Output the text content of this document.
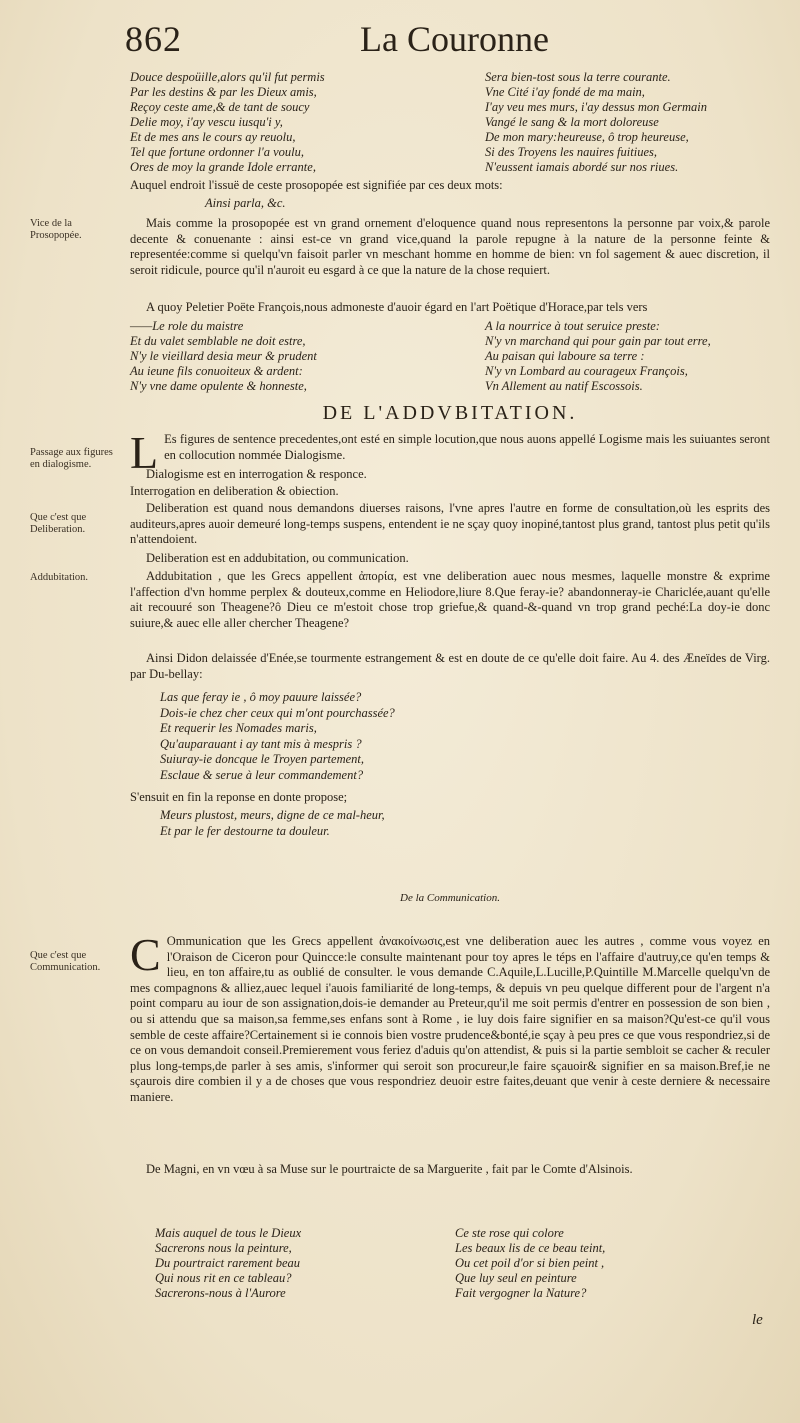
862	La Couronne
Douce despoüille,alors qu'il fut permis
Par les destins & par les Dieux amis,
Reçoy ceste ame,& de tant de soucy
Delie moy, i'ay vescu iusqu'i y,
Et de mes ans le cours ay reuolu,
Tel que fortune ordonner l'a voulu,
Ores de moy la grande Idole errante,
Sera bien-tost sous la terre courante.
Vne Cité i'ay fondé de ma main,
I'ay veu mes murs, i'ay dessus mon Germain
Vangé le sang & la mort doloreuse
De mon mary:heureuse, ô trop heureuse,
Si des Troyens les nauires fuitiues,
N'eussent iamais abordé sur nos riues.

Auquel endroit l'issuë de ceste prosopopée est signifiée par ces deux mots:

Ainsi parla, &c.
Vice de la Prosopopée.
Passage aux figures en dialogisme.
Que c'est que Deliberation.
Addubitation.
Que c'est que Communication.

Mais comme la prosopopée est vn grand ornement d'eloquence quand nous representons la personne par voix,& parole decente & conuenante : ainsi est-ce vn grand vice,quand la parole repugne à la nature de la personne feinte & representée:comme si quelqu'vn faisoit parler vn meschant homme en homme de bien: vn fol sagement & auec discretion, il seroit ridicule, pource qu'il n'auroit eu esgard à ce que la nature de la chose requiert.

A quoy Peletier Poëte François,nous admoneste d'auoir égard en l'art Poëtique d'Horace,par tels vers

——Le role du maistre
Et du valet semblable ne doit estre,
N'y le vieillard desia meur & prudent
Au ieune fils conuoiteux & ardent:
N'y vne dame opulente & honneste,
A la nourrice à tout seruice preste:
N'y vn marchand qui pour gain par tout erre,
Au paisan qui laboure sa terre :
N'y vn Lombard au courageux François,
Vn Allement au natif Escossois.
DE L'ADDVBITATION.
L Es figures de sentence precedentes,ont esté en simple locution,que nous auons appellé Logisme mais les suiuantes seront en collocution nommée Dialogisme.

Dialogisme est en interrogation & responce.

Interrogation en deliberation & obiection.

Deliberation est quand nous demandons diuerses raisons, l'vne apres l'autre en forme de consultation,où les esprits des auditeurs,apres auoir demeuré long-temps suspens, entendent ie ne sçay quoy inopiné,tantost plus grand, tantost plus petit qu'ils n'attendoient.

Deliberation est en addubitation, ou communication.

Addubitation , que les Grecs appellent ἀπορία, est vne deliberation auec nous mesmes, laquelle monstre & exprime l'affection d'vn homme perplex & douteux,comme en Heliodore,liure 8.Que feray-ie? abandonneray-ie Chariclée,auant qu'elle ait recouuré son Theagene?ô Dieu ce m'estoit chose trop griefue,& quand-&-quand vn trop grand peché:La doy-ie donc suiure,& auec elle aller chercher Theagene?

Ainsi Didon delaissée d'Enée,se tourmente estrangement & est en doute de ce qu'elle doit faire. Au 4. des Æneïdes de Virg. par Du-bellay:

Las que feray ie , ô moy pauure laissée?
Dois-ie chez cher ceux qui m'ont pourchassée?
Et requerir les Nomades maris,
Qu'auparauant i ay tant mis à mespris ?
Suiuray-ie doncque le Troyen partement,
Esclaue & serue à leur commandement?

S'ensuit en fin la reponse en donte propose;

Meurs plustost, meurs, digne de ce mal-heur,
Et par le fer destourne ta douleur.
De la Communication.
C Ommunication que les Grecs appellent ἀνακοίνωσις,est vne deliberation auec les autres , comme vous voyez en l'Oraison de Ciceron pour Quincce:le consulte maintenant pour toy apres le téps en l'affaire d'autruy,ce qu'en temps & lieu, en ton affaire,tu as oublié de consulter. le vous demande C.Aquile,L.Lucille,P.Quintille M.Marcelle quelqu'vn de mes compagnons & alliez,auec lequel i'auois familiarité de long-temps, & depuis vn peu quelque different pour de l'argent n'a point comparu au iour de son assignation,dois-ie demander au Preteur,qu'il me soit permis d'entrer en possession de son bien , ou si attendu que sa maison,sa femme,ses enfans sont à Rome , ie luy dois faire signifier en sa maison?Qu'est-ce qu'il vous semble de ceste affaire?Certainement si ie connois bien vostre prudence&bonté,ie sçay à peu pres ce que vous respondriez,si de ce on vous demandoit conseil.Premierement vous feriez d'aduis qu'on attendist, & puis si la partie sembloit se cacher & reculer plus long-temps,de parler à ses amis, s'informer qui seroit son procureur,le faire sçauoir& signifier en sa maison.Bref,ie ne sçaurois dire combien il y a de choses que vous respondriez deuoir estre faites,deuant que venir à ceste derniere & necessaire maniere.

De Magni, en vn vœu à sa Muse sur le pourtraicte de sa Marguerite , fait par le Comte d'Alsinois.

Mais auquel de tous le Dieux
Sacrerons nous la peinture,
Du pourtraict rarement beau
Qui nous rit en ce tableau?
Sacrerons-nous à l'Aurore
Ce ste rose qui colore
Les beaux lis de ce beau teint,
Ou cet poil d'or si bien peint ,
Que luy seul en peinture
Fait vergogner la Nature?
le
